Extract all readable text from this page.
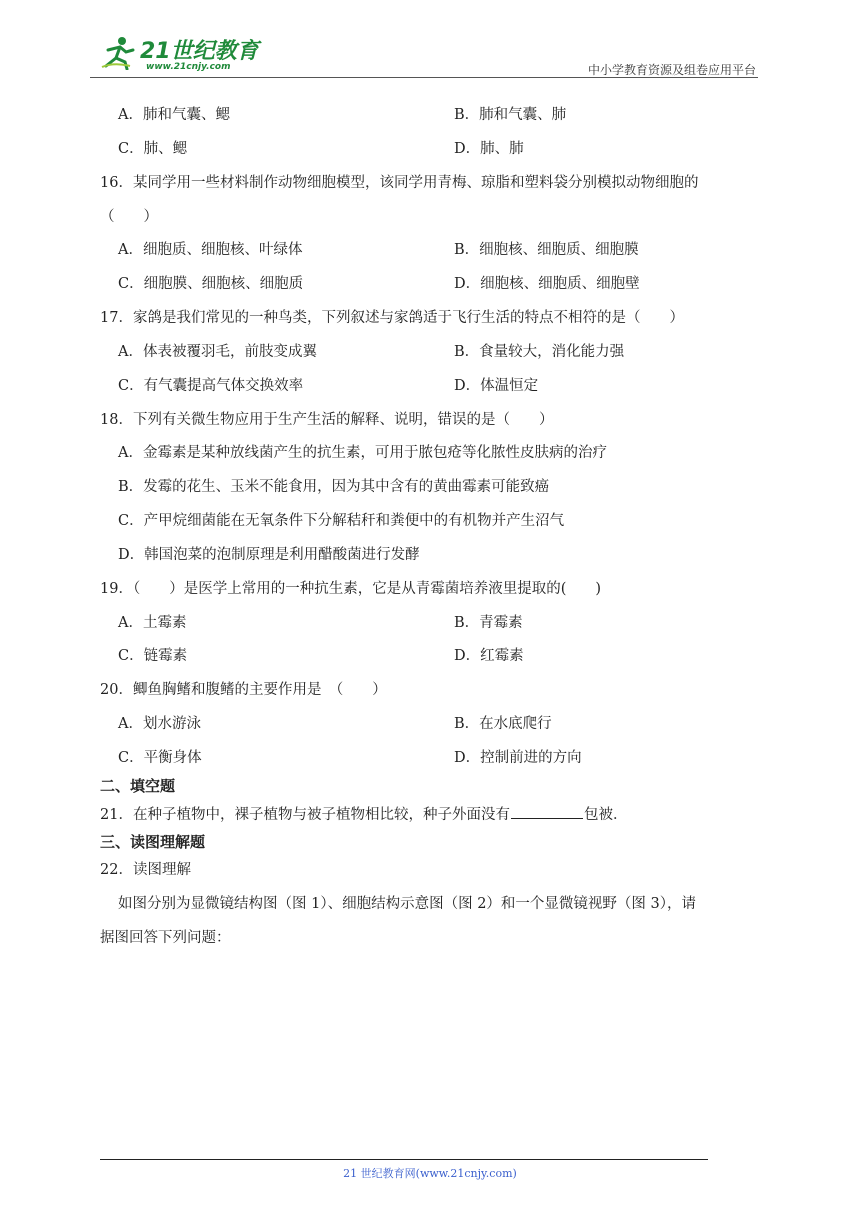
21世纪教育
www.21cnjy.com	中小学教育资源及组卷应用平台
A．肺和气囊、鳃	B．肺和气囊、肺
C．肺、鳃	D．肺、肺
16．某同学用一些材料制作动物细胞模型，该同学用青梅、琼脂和塑料袋分别模拟动物细胞的
（　　）
A．细胞质、细胞核、叶绿体	B．细胞核、细胞质、细胞膜
C．细胞膜、细胞核、细胞质	D．细胞核、细胞质、细胞壁
17．家鸽是我们常见的一种鸟类，下列叙述与家鸽适于飞行生活的特点不相符的是（　　）
A．体表被覆羽毛，前肢变成翼	B．食量较大，消化能力强
C．有气囊提高气体交换效率	D．体温恒定
18．下列有关微生物应用于生产生活的解释、说明，错误的是（　　）
A．金霉素是某种放线菌产生的抗生素，可用于脓包疮等化脓性皮肤病的治疗
B．发霉的花生、玉米不能食用，因为其中含有的黄曲霉素可能致癌
C．产甲烷细菌能在无氧条件下分解秸秆和粪便中的有机物并产生沼气
D．韩国泡菜的泡制原理是利用醋酸菌进行发酵
19．（　　）是医学上常用的一种抗生素，它是从青霉菌培养液里提取的(　　)
A．土霉素	B．青霉素
C．链霉素	D．红霉素
20．鲫鱼胸鳍和腹鳍的主要作用是　（　　）
A．划水游泳	B．在水底爬行
C．平衡身体	D．控制前进的方向
二、填空题
21．在种子植物中，裸子植物与被子植物相比较，种子外面没有	包被．
三、读图理解题
22．读图理解
如图分别为显微镜结构图（图 1）、细胞结构示意图（图 2）和一个显微镜视野（图 3），请
据图回答下列问题：
21 世纪教育网(www.21cnjy.com)
